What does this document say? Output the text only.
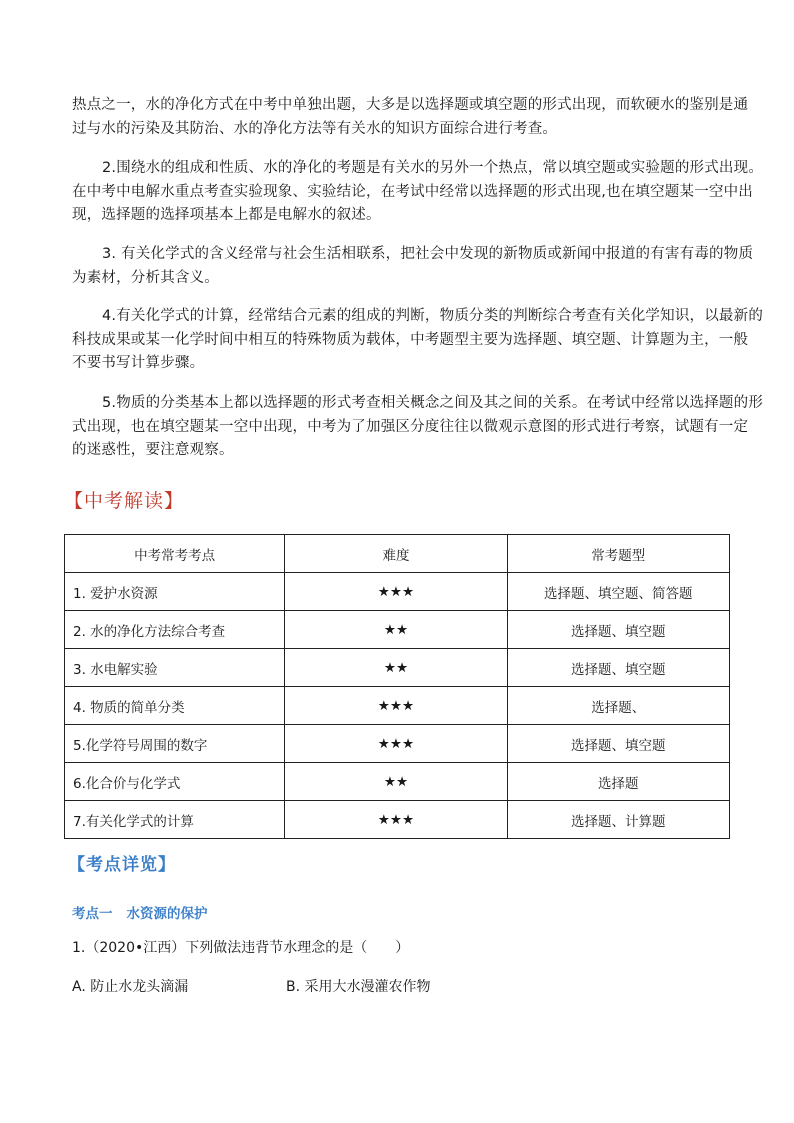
热点之一，水的净化方式在中考中单独出题，大多是以选择题或填空题的形式出现，而软硬水的鉴别是通
过与水的污染及其防治、水的净化方法等有关水的知识方面综合进行考查。
2.围绕水的组成和性质、水的净化的考题是有关水的另外一个热点，常以填空题或实验题的形式出现。
在中考中电解水重点考查实验现象、实验结论，在考试中经常以选择题的形式出现,也在填空题某一空中出
现，选择题的选择项基本上都是电解水的叙述。
3. 有关化学式的含义经常与社会生活相联系，把社会中发现的新物质或新闻中报道的有害有毒的物质
为素材，分析其含义。
4.有关化学式的计算，经常结合元素的组成的判断，物质分类的判断综合考查有关化学知识，以最新的
科技成果或某一化学时间中相互的特殊物质为载体，中考题型主要为选择题、填空题、计算题为主，一般
不要书写计算步骤。
5.物质的分类基本上都以选择题的形式考查相关概念之间及其之间的关系。在考试中经常以选择题的形
式出现，也在填空题某一空中出现，中考为了加强区分度往往以微观示意图的形式进行考察，试题有一定
的迷惑性，要注意观察。
【中考解读】
中考常考考点	难度	常考题型
1. 爱护水资源	★★★	选择题、填空题、简答题
2. 水的净化方法综合考查	★★	选择题、填空题
3. 水电解实验	★★	选择题、填空题
4. 物质的简单分类	★★★	选择题、
5.化学符号周围的数字	★★★	选择题、填空题
6.化合价与化学式	★★	选择题
7.有关化学式的计算	★★★	选择题、计算题
【考点详览】
考点一 水资源的保护
1.（2020•江西）下列做法违背节水理念的是（　　）
A. 防止水龙头滴漏	B. 采用大水漫灌农作物
